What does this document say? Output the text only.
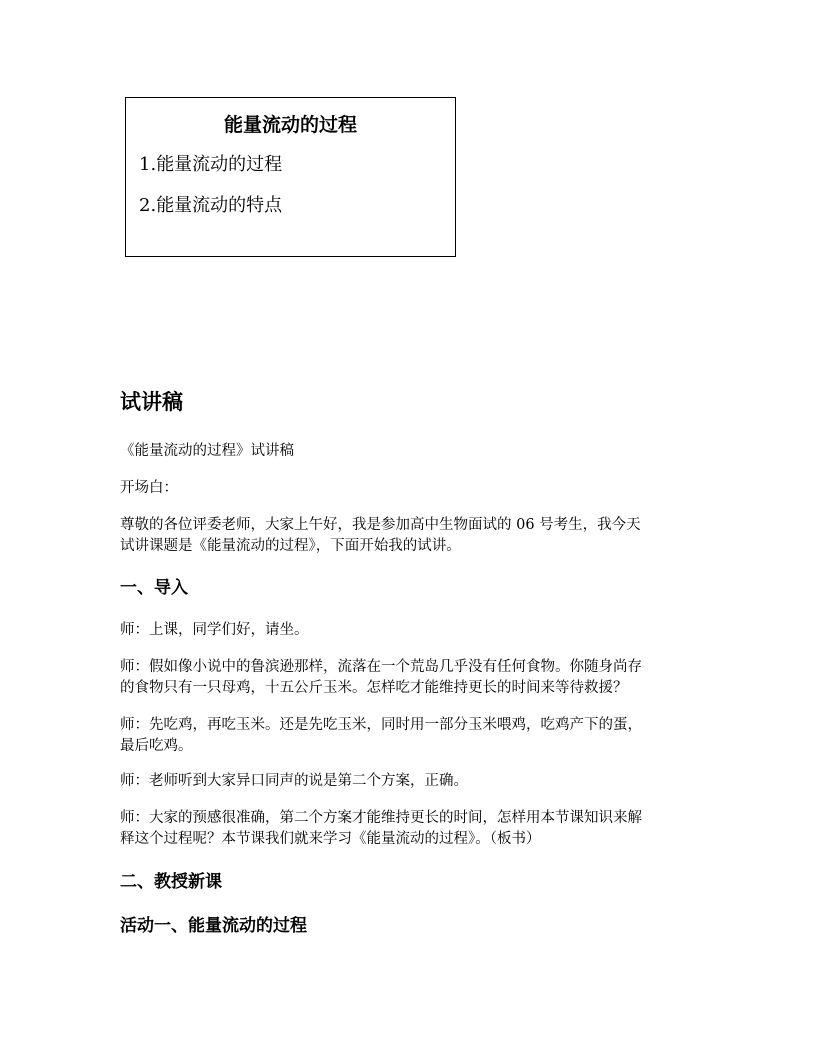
能量流动的过程
1.能量流动的过程
2.能量流动的特点
试讲稿
《能量流动的过程》试讲稿
开场白：
尊敬的各位评委老师，大家上午好，我是参加高中生物面试的 06 号考生，我今天
试讲课题是《能量流动的过程》，下面开始我的试讲。
一、导入
师：上课，同学们好，请坐。
师：假如像小说中的鲁滨逊那样，流落在一个荒岛几乎没有任何食物。你随身尚存
的食物只有一只母鸡，十五公斤玉米。怎样吃才能维持更长的时间来等待救援？
师：先吃鸡，再吃玉米。还是先吃玉米，同时用一部分玉米喂鸡，吃鸡产下的蛋，
最后吃鸡。
师：老师听到大家异口同声的说是第二个方案，正确。
师：大家的预感很准确，第二个方案才能维持更长的时间，怎样用本节课知识来解
释这个过程呢？本节课我们就来学习《能量流动的过程》。（板书）
二、教授新课
活动一、能量流动的过程
